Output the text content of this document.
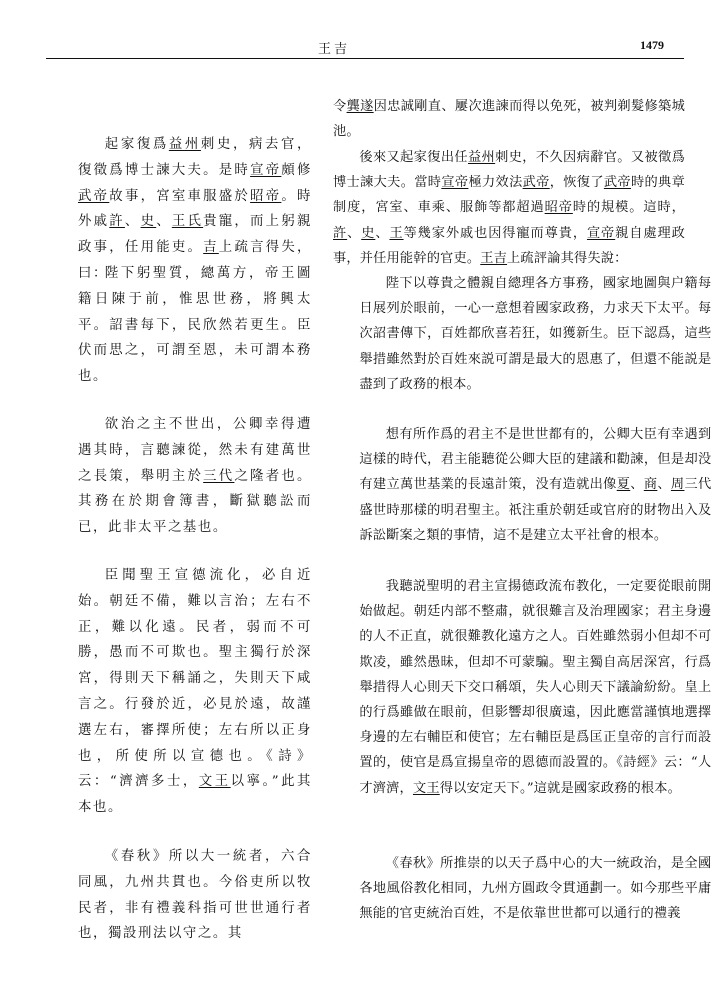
王吉	1479

起家復爲益州刺史，病去官，復徵爲博士諫大夫。是時宣帝頗修武帝故事，宮室車服盛於昭帝。時外戚許、史、王氏貴寵，而上躬親政事，任用能吏。吉上疏言得失，曰：

陛下躬聖質，總萬方，帝王圖籍日陳于前，惟思世務，將興太平。詔書每下，民欣然若更生。臣伏而思之，可謂至恩，未可謂本務也。

欲治之主不世出，公卿幸得遭遇其時，言聽諫從，然未有建萬世之長策，舉明主於三代之隆者也。其務在於期會簿書，斷獄聽訟而已，此非太平之基也。

臣聞聖王宣德流化，必自近始。朝廷不備，難以言治；左右不正，難以化遠。民者，弱而不可勝，愚而不可欺也。聖主獨行於深宮，得則天下稱誦之，失則天下咸言之。行發於近，必見於遠，故謹選左右，審擇所使；左右所以正身也，所使所以宣德也。《詩》云：“濟濟多士，文王以寧。”此其本也。

《春秋》所以大一統者，六合同風，九州共貫也。今俗吏所以牧民者，非有禮義科指可世世通行者也，獨設刑法以守之。其

令龔遂因忠誠剛直、屢次進諫而得以免死，被判剃髮修築城池。

後來又起家復出任益州刺史，不久因病辭官。又被徵爲博士諫大夫。當時宣帝極力效法武帝，恢復了武帝時的典章制度，宮室、車乘、服飾等都超過昭帝時的規模。這時，許、史、王等幾家外戚也因得寵而尊貴，宣帝親自處理政事，并任用能幹的官吏。王吉上疏評論其得失說：

陛下以尊貴之體親自總理各方事務，國家地圖與户籍每日展列於眼前，一心一意想着國家政務，力求天下太平。每次詔書傳下，百姓都欣喜若狂，如獲新生。臣下認爲，這些舉措雖然對於百姓來説可謂是最大的恩惠了，但還不能説是盡到了政務的根本。

想有所作爲的君主不是世世都有的，公卿大臣有幸遇到這樣的時代，君主能聽從公卿大臣的建議和勸諫，但是却没有建立萬世基業的長遠計策，没有造就出像夏、商、周三代盛世時那樣的明君聖主。祇注重於朝廷或官府的財物出入及訴訟斷案之類的事情，這不是建立太平社會的根本。

我聽説聖明的君主宣揚德政流布教化，一定要從眼前開始做起。朝廷内部不整肅，就很難言及治理國家；君主身邊的人不正直，就很難教化遠方之人。百姓雖然弱小但却不可欺凌，雖然愚昧，但却不可蒙騙。聖主獨自高居深宮，行爲舉措得人心則天下交口稱頌，失人心則天下議論紛紛。皇上的行爲雖做在眼前，但影響却很廣遠，因此應當謹慎地選擇身邊的左右輔臣和使官；左右輔臣是爲匡正皇帝的言行而設置的，使官是爲宣揚皇帝的恩德而設置的。《詩經》云：“人才濟濟，文王得以安定天下。”這就是國家政務的根本。

《春秋》所推崇的以天子爲中心的大一統政治，是全國各地風俗教化相同，九州方圓政令貫通劃一。如今那些平庸無能的官吏統治百姓，不是依靠世世都可以通行的禮義
